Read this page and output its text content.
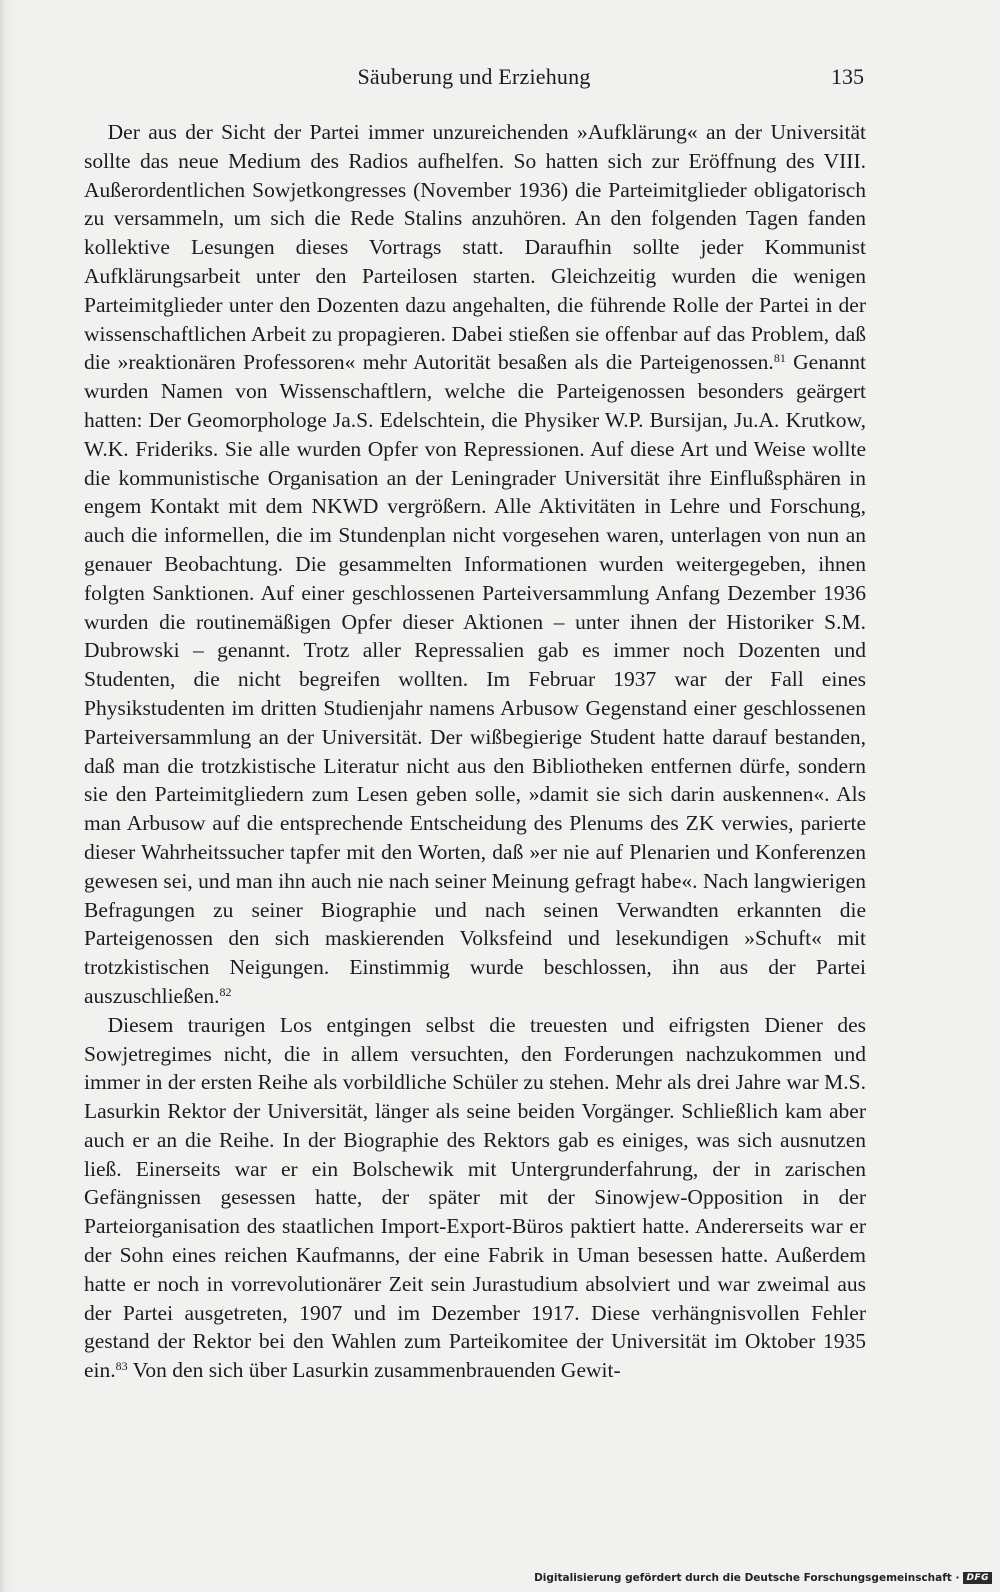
Säuberung und Erziehung	135

Der aus der Sicht der Partei immer unzureichenden »Aufklärung« an der Universität sollte das neue Medium des Radios aufhelfen. So hatten sich zur Eröffnung des VIII. Außerordentlichen Sowjetkongresses (November 1936) die Parteimitglieder obligatorisch zu versammeln, um sich die Rede Stalins anzuhören. An den folgenden Tagen fanden kollektive Lesungen dieses Vortrags statt. Daraufhin sollte jeder Kommunist Aufklärungsarbeit unter den Parteilosen starten. Gleichzeitig wurden die wenigen Parteimitglieder unter den Dozenten dazu angehalten, die führende Rolle der Partei in der wissenschaftlichen Arbeit zu propagieren. Dabei stießen sie offenbar auf das Problem, daß die »reaktionären Professoren« mehr Autorität besaßen als die Parteigenossen.$^{81}$ Genannt wurden Namen von Wissenschaftlern, welche die Parteigenossen besonders geärgert hatten: Der Geomorphologe Ja.S. Edelschtein, die Physiker W.P. Bursijan, Ju.A. Krutkow, W.K. Frideriks. Sie alle wurden Opfer von Repressionen. Auf diese Art und Weise wollte die kommunistische Organisation an der Leningrader Universität ihre Einflußsphären in engem Kontakt mit dem NKWD vergrößern. Alle Aktivitäten in Lehre und Forschung, auch die informellen, die im Stundenplan nicht vorgesehen waren, unterlagen von nun an genauer Beobachtung. Die gesammelten Informationen wurden weitergegeben, ihnen folgten Sanktionen. Auf einer geschlossenen Parteiversammlung Anfang Dezember 1936 wurden die routinemäßigen Opfer dieser Aktionen – unter ihnen der Historiker S.M. Dubrowski – genannt. Trotz aller Repressalien gab es immer noch Dozenten und Studenten, die nicht begreifen wollten. Im Februar 1937 war der Fall eines Physikstudenten im dritten Studienjahr namens Arbusow Gegenstand einer geschlossenen Parteiversammlung an der Universität. Der wißbegierige Student hatte darauf bestanden, daß man die trotzkistische Literatur nicht aus den Bibliotheken entfernen dürfe, sondern sie den Parteimitgliedern zum Lesen geben solle, »damit sie sich darin auskennen«. Als man Arbusow auf die entsprechende Entscheidung des Plenums des ZK verwies, parierte dieser Wahrheitssucher tapfer mit den Worten, daß »er nie auf Plenarien und Konferenzen gewesen sei, und man ihn auch nie nach seiner Meinung gefragt habe«. Nach langwierigen Befragungen zu seiner Biographie und nach seinen Verwandten erkannten die Parteigenossen den sich maskierenden Volksfeind und lesekundigen »Schuft« mit trotzkistischen Neigungen. Einstimmig wurde beschlossen, ihn aus der Partei auszuschließen.$^{82}$

Diesem traurigen Los entgingen selbst die treuesten und eifrigsten Diener des Sowjetregimes nicht, die in allem versuchten, den Forderungen nachzukommen und immer in der ersten Reihe als vorbildliche Schüler zu stehen. Mehr als drei Jahre war M.S. Lasurkin Rektor der Universität, länger als seine beiden Vorgänger. Schließlich kam aber auch er an die Reihe. In der Biographie des Rektors gab es einiges, was sich ausnutzen ließ. Einerseits war er ein Bolschewik mit Untergrunderfahrung, der in zarischen Gefängnissen gesessen hatte, der später mit der Sinowjew-Opposition in der Parteiorganisation des staatlichen Import-Export-Büros paktiert hatte. Andererseits war er der Sohn eines reichen Kaufmanns, der eine Fabrik in Uman besessen hatte. Außerdem hatte er noch in vorrevolutionärer Zeit sein Jurastudium absolviert und war zweimal aus der Partei ausgetreten, 1907 und im Dezember 1917. Diese verhängnisvollen Fehler gestand der Rektor bei den Wahlen zum Parteikomitee der Universität im Oktober 1935 ein.$^{83}$ Von den sich über Lasurkin zusammenbrauenden Gewit-

Digitalisierung gefördert durch die Deutsche Forschungsgemeinschaft · DFG
